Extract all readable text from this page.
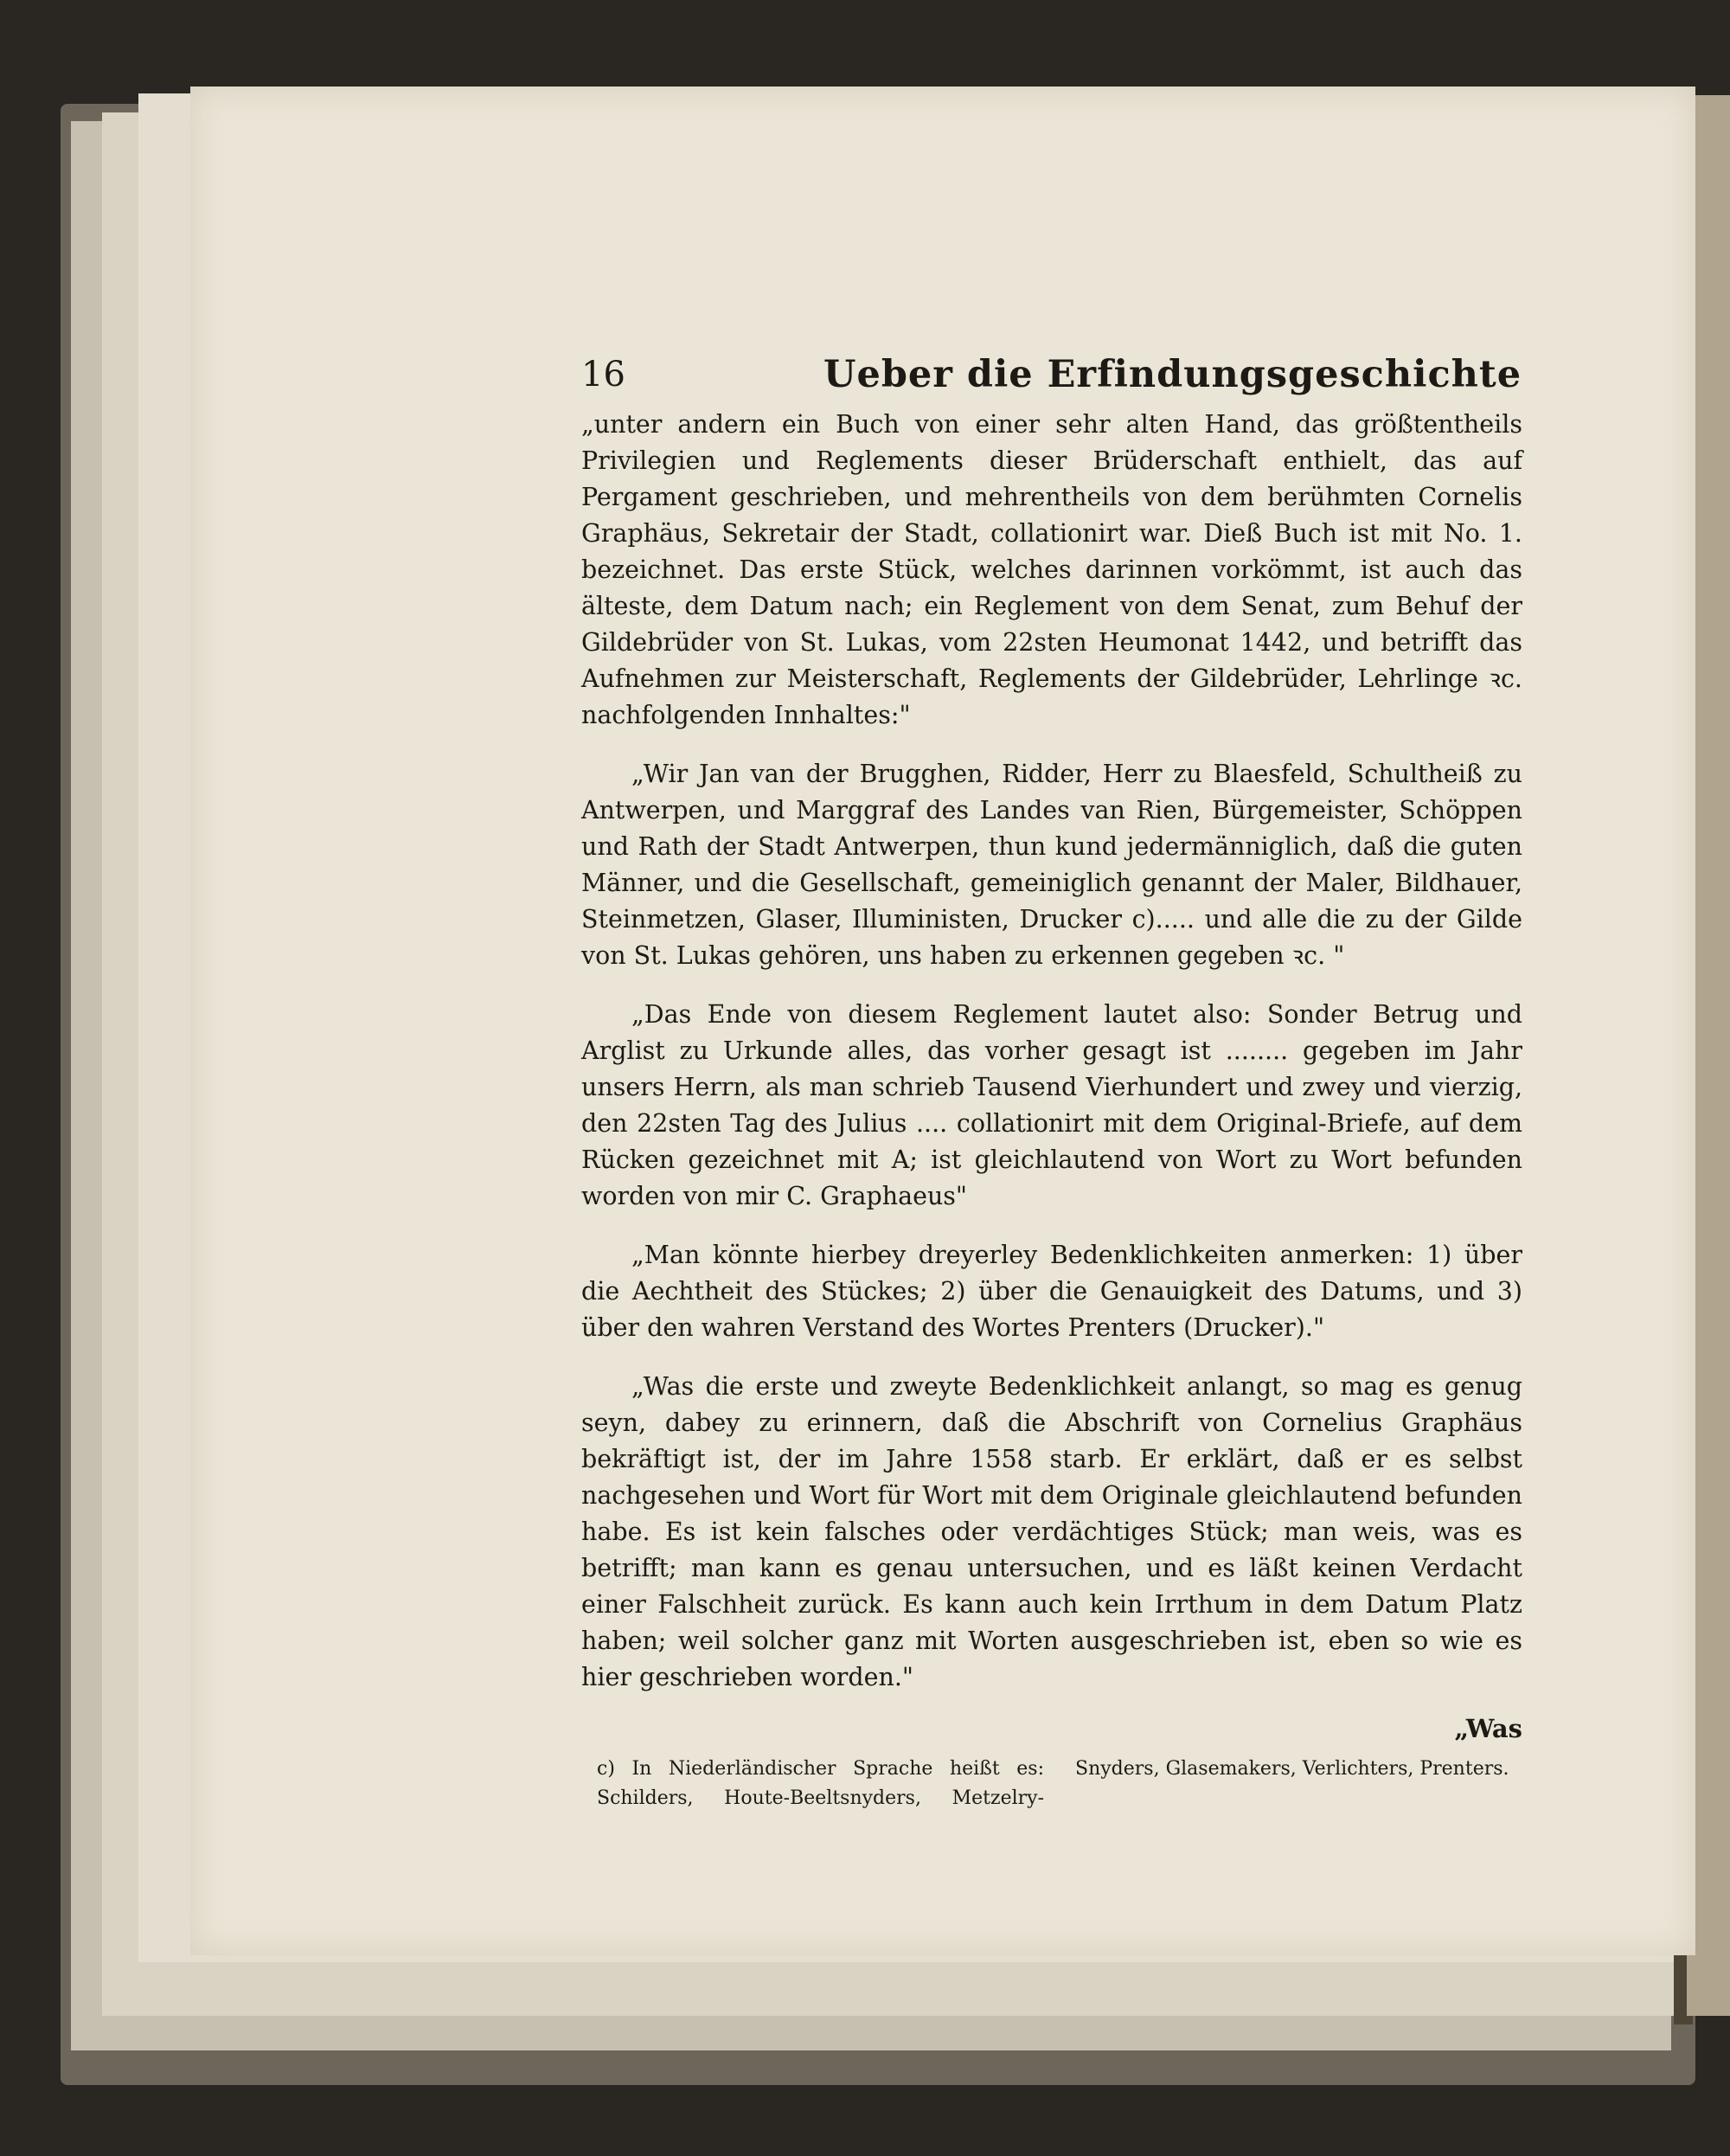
16	Ueber die Erfindungsgeschichte

„unter andern ein Buch von einer sehr alten Hand, das größtentheils Privilegien und Reglements dieser Brüderschaft enthielt, das auf Pergament geschrieben, und mehrentheils von dem berühmten Cornelis Graphäus, Sekretair der Stadt, collationirt war. Dieß Buch ist mit No. 1. bezeichnet. Das erste Stück, welches darinnen vorkömmt, ist auch das älteste, dem Datum nach; ein Reglement von dem Senat, zum Behuf der Gildebrüder von St. Lukas, vom 22sten Heumonat 1442, und betrifft das Aufnehmen zur Meisterschaft, Reglements der Gildebrüder, Lehrlinge ꝛc. nachfolgenden Innhaltes:"

„Wir Jan van der Brugghen, Ridder, Herr zu Blaesfeld, Schultheiß zu Antwerpen, und Marggraf des Landes van Rien, Bürgemeister, Schöppen und Rath der Stadt Antwerpen, thun kund jedermänniglich, daß die guten Männer, und die Gesellschaft, gemeiniglich genannt der Maler, Bildhauer, Steinmetzen, Glaser, Illuministen, Drucker c)..... und alle die zu der Gilde von St. Lukas gehören, uns haben zu erkennen gegeben ꝛc. "

„Das Ende von diesem Reglement lautet also: Sonder Betrug und Arglist zu Urkunde alles, das vorher gesagt ist ........ gegeben im Jahr unsers Herrn, als man schrieb Tausend Vierhundert und zwey und vierzig, den 22sten Tag des Julius .... collationirt mit dem Original-Briefe, auf dem Rücken gezeichnet mit A; ist gleichlautend von Wort zu Wort befunden worden von mir C. Graphaeus"

„Man könnte hierbey dreyerley Bedenklichkeiten anmerken: 1) über die Aechtheit des Stückes; 2) über die Genauigkeit des Datums, und 3) über den wahren Verstand des Wortes Prenters (Drucker)."

„Was die erste und zweyte Bedenklichkeit anlangt, so mag es genug seyn, dabey zu erinnern, daß die Abschrift von Cornelius Graphäus bekräftigt ist, der im Jahre 1558 starb. Er erklärt, daß er es selbst nachgesehen und Wort für Wort mit dem Originale gleichlautend befunden habe. Es ist kein falsches oder verdächtiges Stück; man weis, was es betrifft; man kann es genau untersuchen, und es läßt keinen Verdacht einer Falschheit zurück. Es kann auch kein Irrthum in dem Datum Platz haben; weil solcher ganz mit Worten ausgeschrieben ist, eben so wie es hier geschrieben worden."

„Was
c) In Niederländischer Sprache heißt es: Schilders, Houte-Beeltsnyders, Metzelry-Snyders, Glasemakers, Verlichters, Prenters.
